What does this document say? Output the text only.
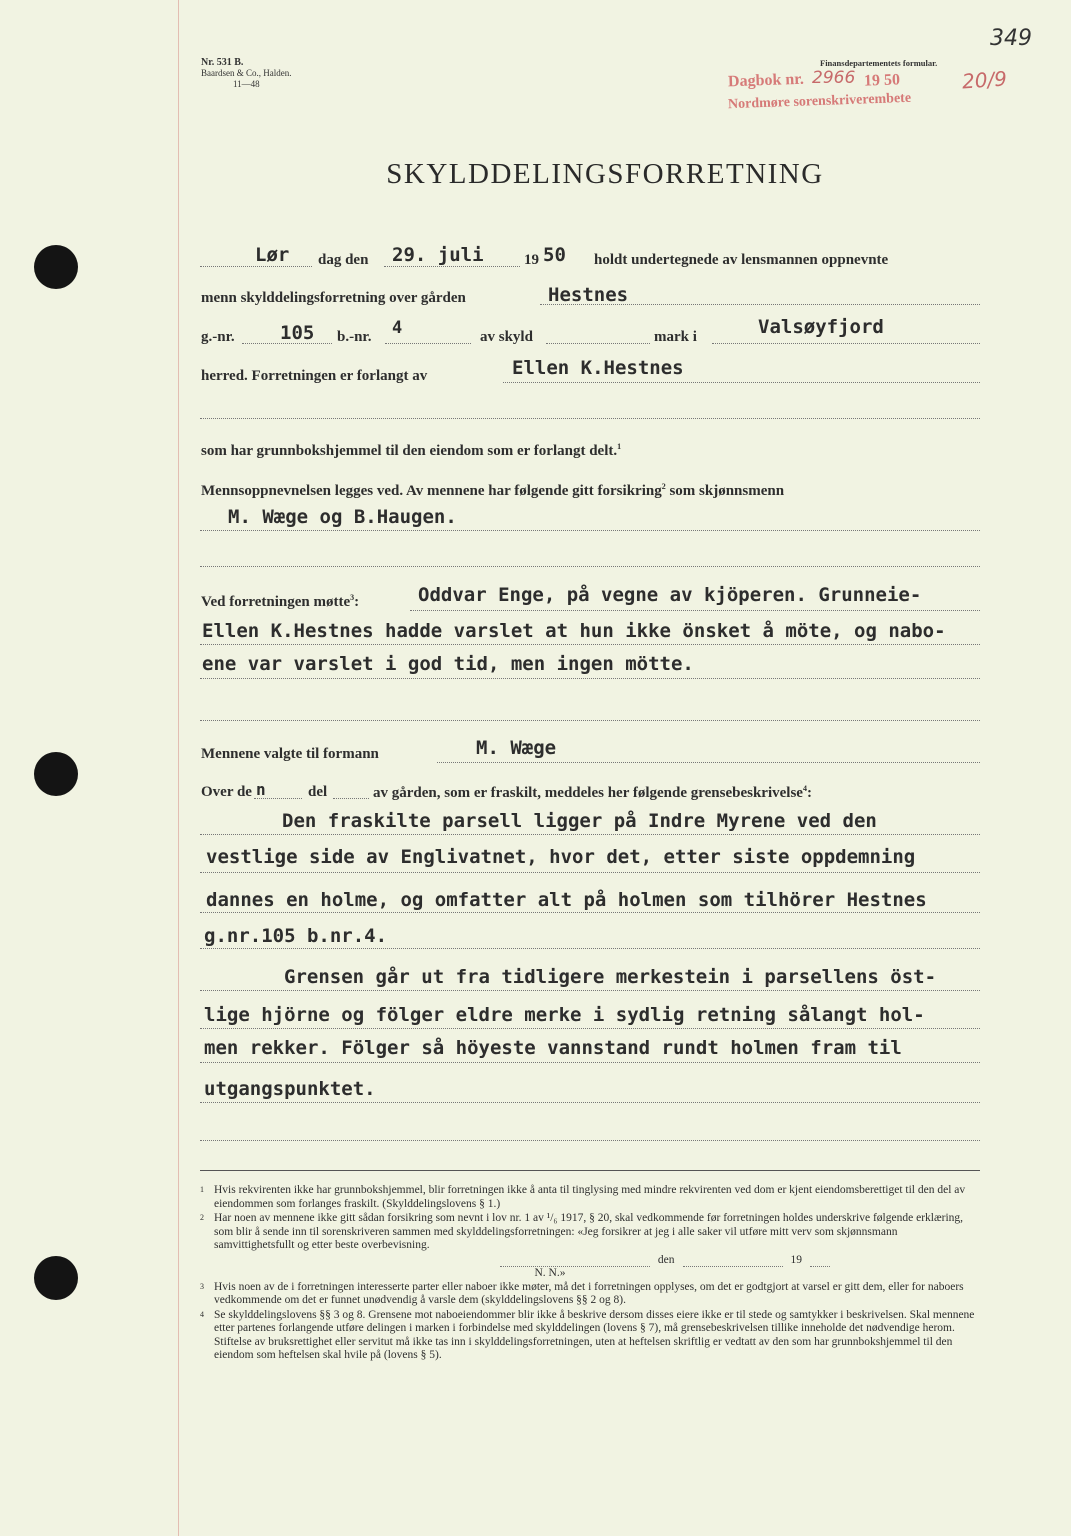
Nr. 531 B.
Baardsen & Co., Halden.
11—48
Finansdepartementets formular.
349
Dagbok nr. 2966 19 50	20/9
Nordmøre sorenskriverembete
SKYLDDELINGSFORRETNING
Lør dag den 29. juli	19 50 holdt undertegnede av lensmannen oppnevnte
menn skylddelingsforretning over gården	Hestnes
g.-nr. 105 b.-nr. 4	av skyld	mark i	Valsøyfjord
herred. Forretningen er forlangt av	Ellen K.Hestnes
som har grunnbokshjemmel til den eiendom som er forlangt delt.$^1$
Mennsoppnevnelsen legges ved. Av mennene har følgende gitt forsikring$^2$ som skjønnsmenn
M. Wæge og B.Haugen.
Ved forretningen møtte$^3$:	Oddvar Enge, på vegne av kjöperen. Grunneie-
Ellen K.Hestnes hadde varslet at hun ikke önsket å möte, og nabo-
ene var varslet i god tid, men ingen mötte.
Mennene valgte til formann	M. Wæge
Over de n	del	av gården, som er fraskilt, meddeles her følgende grensebeskrivelse$^4$:
Den fraskilte parsell ligger på Indre Myrene ved den
vestlige side av Englivatnet, hvor det, etter siste oppdemning
dannes en holme, og omfatter alt på holmen som tilhörer Hestnes
g.nr.105 b.nr.4.
Grensen går ut fra tidligere merkestein i parsellens öst-
lige hjörne og fölger eldre merke i sydlig retning sålangt hol-
men rekker. Fölger så höyeste vannstand rundt holmen fram til
utgangspunktet.
1 Hvis rekvirenten ikke har grunnbokshjemmel, blir forretningen ikke å anta til tinglysing med mindre rekvirenten ved dom er kjent eiendomsberettiget til den del av eiendommen som forlanges fraskilt. (Skylddelingslovens § 1.)
2 Har noen av mennene ikke gitt sådan forsikring som nevnt i lov nr. 1 av ¹/₆ 1917, § 20, skal vedkommende før forretningen holdes underskrive følgende erklæring, som blir å sende inn til sorenskriveren sammen med skylddelingsforretningen: «Jeg forsikrer at jeg i alle saker vil utføre mitt verv som skjønnsmann samvittighetsfullt og etter beste overbevisning.
den	19
N. N.»
3 Hvis noen av de i forretningen interesserte parter eller naboer ikke møter, må det i forretningen opplyses, om det er godtgjort at varsel er gitt dem, eller for naboers vedkommende om det er funnet unødvendig å varsle dem (skylddelingslovens §§ 2 og 8).
4 Se skylddelingslovens §§ 3 og 8. Grensene mot naboeiendommer blir ikke å beskrive dersom disses eiere ikke er til stede og samtykker i beskrivelsen. Skal mennene etter partenes forlangende utføre delingen i marken i forbindelse med skylddelingen (lovens § 7), må grensebeskrivelsen tillike inneholde det nødvendige herom. Stiftelse av bruksrettighet eller servitut må ikke tas inn i skylddelingsforretningen, uten at heftelsen skriftlig er vedtatt av den som har grunnbokshjemmel til den eiendom som heftelsen skal hvile på (lovens § 5).
